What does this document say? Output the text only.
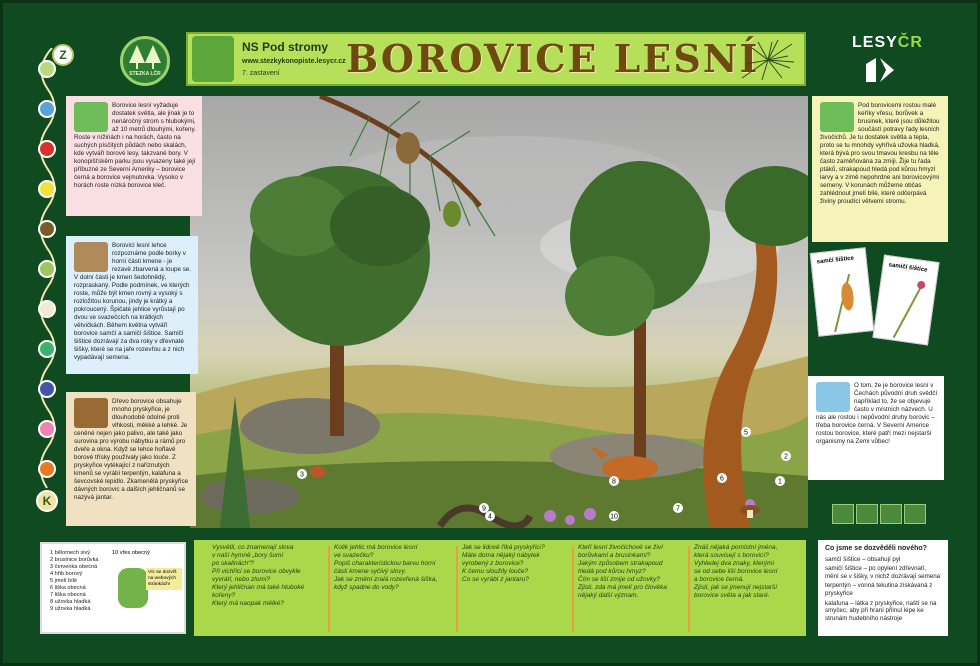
Z
K
STEZKA LČR
NS Pod stromy
www.stezkykonopiste.lesycr.cz
7. zastavení BOROVICE LESNÍ	LESYČR
1
2
3
4
5
6
7
8
9
10
Borovice lesní vyžaduje dostatek světla, ale jinak je to nenáročný strom s hlubokými, až 10 metrů dlouhými, kořeny. Roste v nížinách i na horách, často na suchých písčitých půdách nebo skalách, kde vytváří borové lesy, takzvané bory. V konopišťském parku jsou vysazeny také její příbuzné ze Severní Ameriky – borovice černá a borovice vejmutovka. Vysoko v horách roste nízká borovice kleč.
Borovicí lesní lehce rozpoznáme podle borky v horní části kmene - je rezavě zbarvená a loupe se. V dolní části je kmen šedohnědý, rozpraskaný. Podle podmínek, ve kterých roste, může být kmen rovný a vysoký s rozložitou korunou, jindy je krátký a pokroucený. Špičaté jehlice vyrůstají po dvou ve svazečcích na krátkých větvičkách. Během května vytváří borovice samčí a samičí šištice. Samičí šištice dozrávají za dva roky v dřevnaté šišky, které se na jaře rozevřou a z nich vypadávají semena.
Dřevo borovice obsahuje mnoho pryskyřice, je dlouhodobě odolné proti vlhkosti, měkké a lehké. Je ceněné nejen jako palivo, ale také jako surovina pro výrobu nábytku a rámů pro dveře a okna. Když se lehce hořlavé borové třísky používaly jako louče. Z pryskyřice vytékající z naříznutých kmenů se vyrábí terpentýn, kalafuna a ševcovské lepidlo. Zkamenělá pryskyřice dávných borovic a dalších jehličnanů se nazývá jantar.
Pod borovicemi rostou malé keříky vřesu, borůvek a brusinek, které jsou důležitou součástí potravy řady lesních živočichů. Je tu dostatek světla a tepla, proto se tu mnohdy vyhřívá užovka hladká, která bývá pro svou tmavou kresbu na těle často zaměňována za zmiji. Žije tu řada ptáků, strakapoud hledá pod kůrou hmyzí larvy a v zimě nepohrdne ani borovicovými semeny. V korunách můžeme občas zahlédnout jmelí bílé, které odčerpává živiny proudící větvemi stromu.
samčí šištice
samičí šištice
O tom, že je borovice lesní v Čechách původní druh svědčí například to, že se objevuje často v místních názvech. U nás ale rostou i nepůvodní druhy borovic – třeba borovice černá. V Severní Americe rostou borovice, které patří mezi nejstarší organismy na Zemi vůbec!
1 bělomech sivý
2 brusinice borůvka
3 červenka obecná
4 hřib borový
5 jmelí bílé
6 liška obecná
7 liška obecná
8 užovka hladká
9 užovka hladká
10 vřes obecný
Víc se dozvíš na webových stránkách!
Vysvětli, co znamenají slova
v naší hymně „bory šumí
po skalinách“?
Při vichřici se borovice obvykle
vyvrátí, nebo zlomí?
Který jehličnan má také hluboké
kořeny?
Který má naopak mělké?
Kolik jehlic má borovice lesní
ve svazečku?
Popiš charakteristickou barvu horní
části kmene syčivý slovy.
Jak se změní zralá rozevřená šiška,
když spadne do vody?
Jak se lidově říká pryskyřici?
Máte doma nějaký nábytek
vyrobený z borovice?
K čemu sloužily louče?
Co se vyrábí z jantaru?
Kteří lesní živočichové se živí
borůvkami a brusinkami?
Jakým způsobem strakapoud
hledá pod kůrou hmyz?
Čím se liší zmije od užovky?
Zjisti, zda má jmelí pro člověka
nějaký další význam.
Znáš nějaká pomístní jména,
která souvisejí s borovicí?
Vyhledej dva znaky, kterými
se od sebe liší borovice lesní
a borovice černá.
Zjisti, jak se jmenují nejstarší
borovice světa a jak staré.
Co jsme se dozvěděli nového?
samčí šištice – obsahují pyl
samičí šištice – po opylení zdřevnatí, mění se v šišky, v nichž dozrávají semena
terpentýn – vonná tekutina získávaná z pryskyřice
kalafuna – látka z pryskyřice, naští se na smyčec, aby při hraní přilnul lépe ke strunám hudebního nástroje
